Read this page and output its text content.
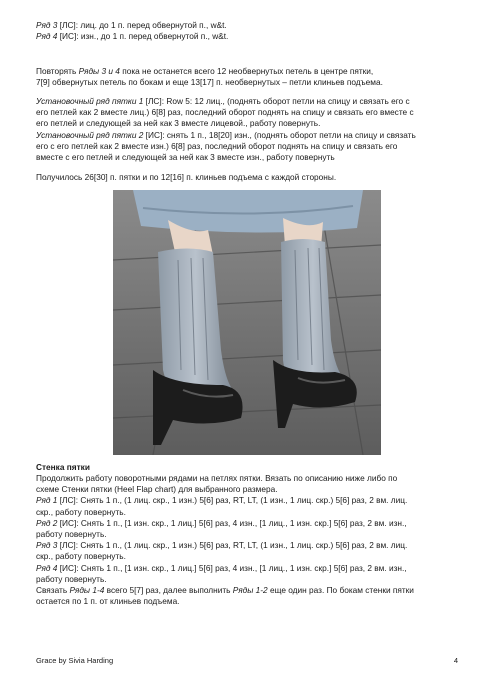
Ряд 3 [ЛС]: лиц. до 1 п. перед обвернутой п., w&t.
Ряд 4 [ИС]: изн., до 1 п. перед обвернутой п., w&t.

Повторять Ряды 3 и 4 пока не останется всего 12 необвернутых петель в центре пятки,
7[9] обвернутых петель по бокам и еще 13[17] п. необвернутых – петли клиньев подъема.

Установочный ряд пятки 1 [ЛС]: Row 5: 12 лиц., (поднять оборот петли на спицу и связать его с
его петлей как 2 вместе лиц.) 6[8] раз, последний оборот поднять на спицу и связать его вместе с
его петлей и следующей за ней как 3 вместе лицевой., работу повернуть.
Установочный ряд пятки 2 [ИС]: снять 1 п., 18[20] изн., (поднять оборот петли на спицу и связать
его с его петлей как 2 вместе изн.) 6[8] раз, последний оборот поднять на спицу и связать его
вместе с его петлей и следующей за ней как 3 вместе изн., работу повернуть

Получилось 26[30] п. пятки и по 12[16] п. клиньев подъема с каждой стороны.

Стенка пятки

Продолжить работу поворотными рядами на петлях пятки. Вязать по описанию ниже либо по
схеме Стенки пятки (Heel Flap chart) для выбранного размера.
Ряд 1 [ЛС]: Снять 1 п., (1 лиц. скр., 1 изн.) 5[6] раз, RT, LT, (1 изн., 1 лиц. скр.) 5[6] раз, 2 вм. лиц.
скр., работу повернуть.
Ряд 2 [ИС]: Снять 1 п., [1 изн. скр., 1 лиц.] 5[6] раз, 4 изн., [1 лиц., 1 изн. скр.] 5[6] раз, 2 вм. изн.,
работу повернуть.
Ряд 3 [ЛС]: Снять 1 п., (1 лиц. скр., 1 изн.) 5[6] раз, RT, LT, (1 изн., 1 лиц. скр.) 5[6] раз, 2 вм. лиц.
скр., работу повернуть.
Ряд 4 [ИС]: Снять 1 п., [1 изн. скр., 1 лиц.] 5[6] раз, 4 изн., [1 лиц., 1 изн. скр.] 5[6] раз, 2 вм. изн.,
работу повернуть.
Связать Ряды 1-4 всего 5[7] раз, далее выполнить Ряды 1-2 еще один раз. По бокам стенки пятки
остается по 1 п. от клиньев подъема.

Grace by Sivia Harding	4
